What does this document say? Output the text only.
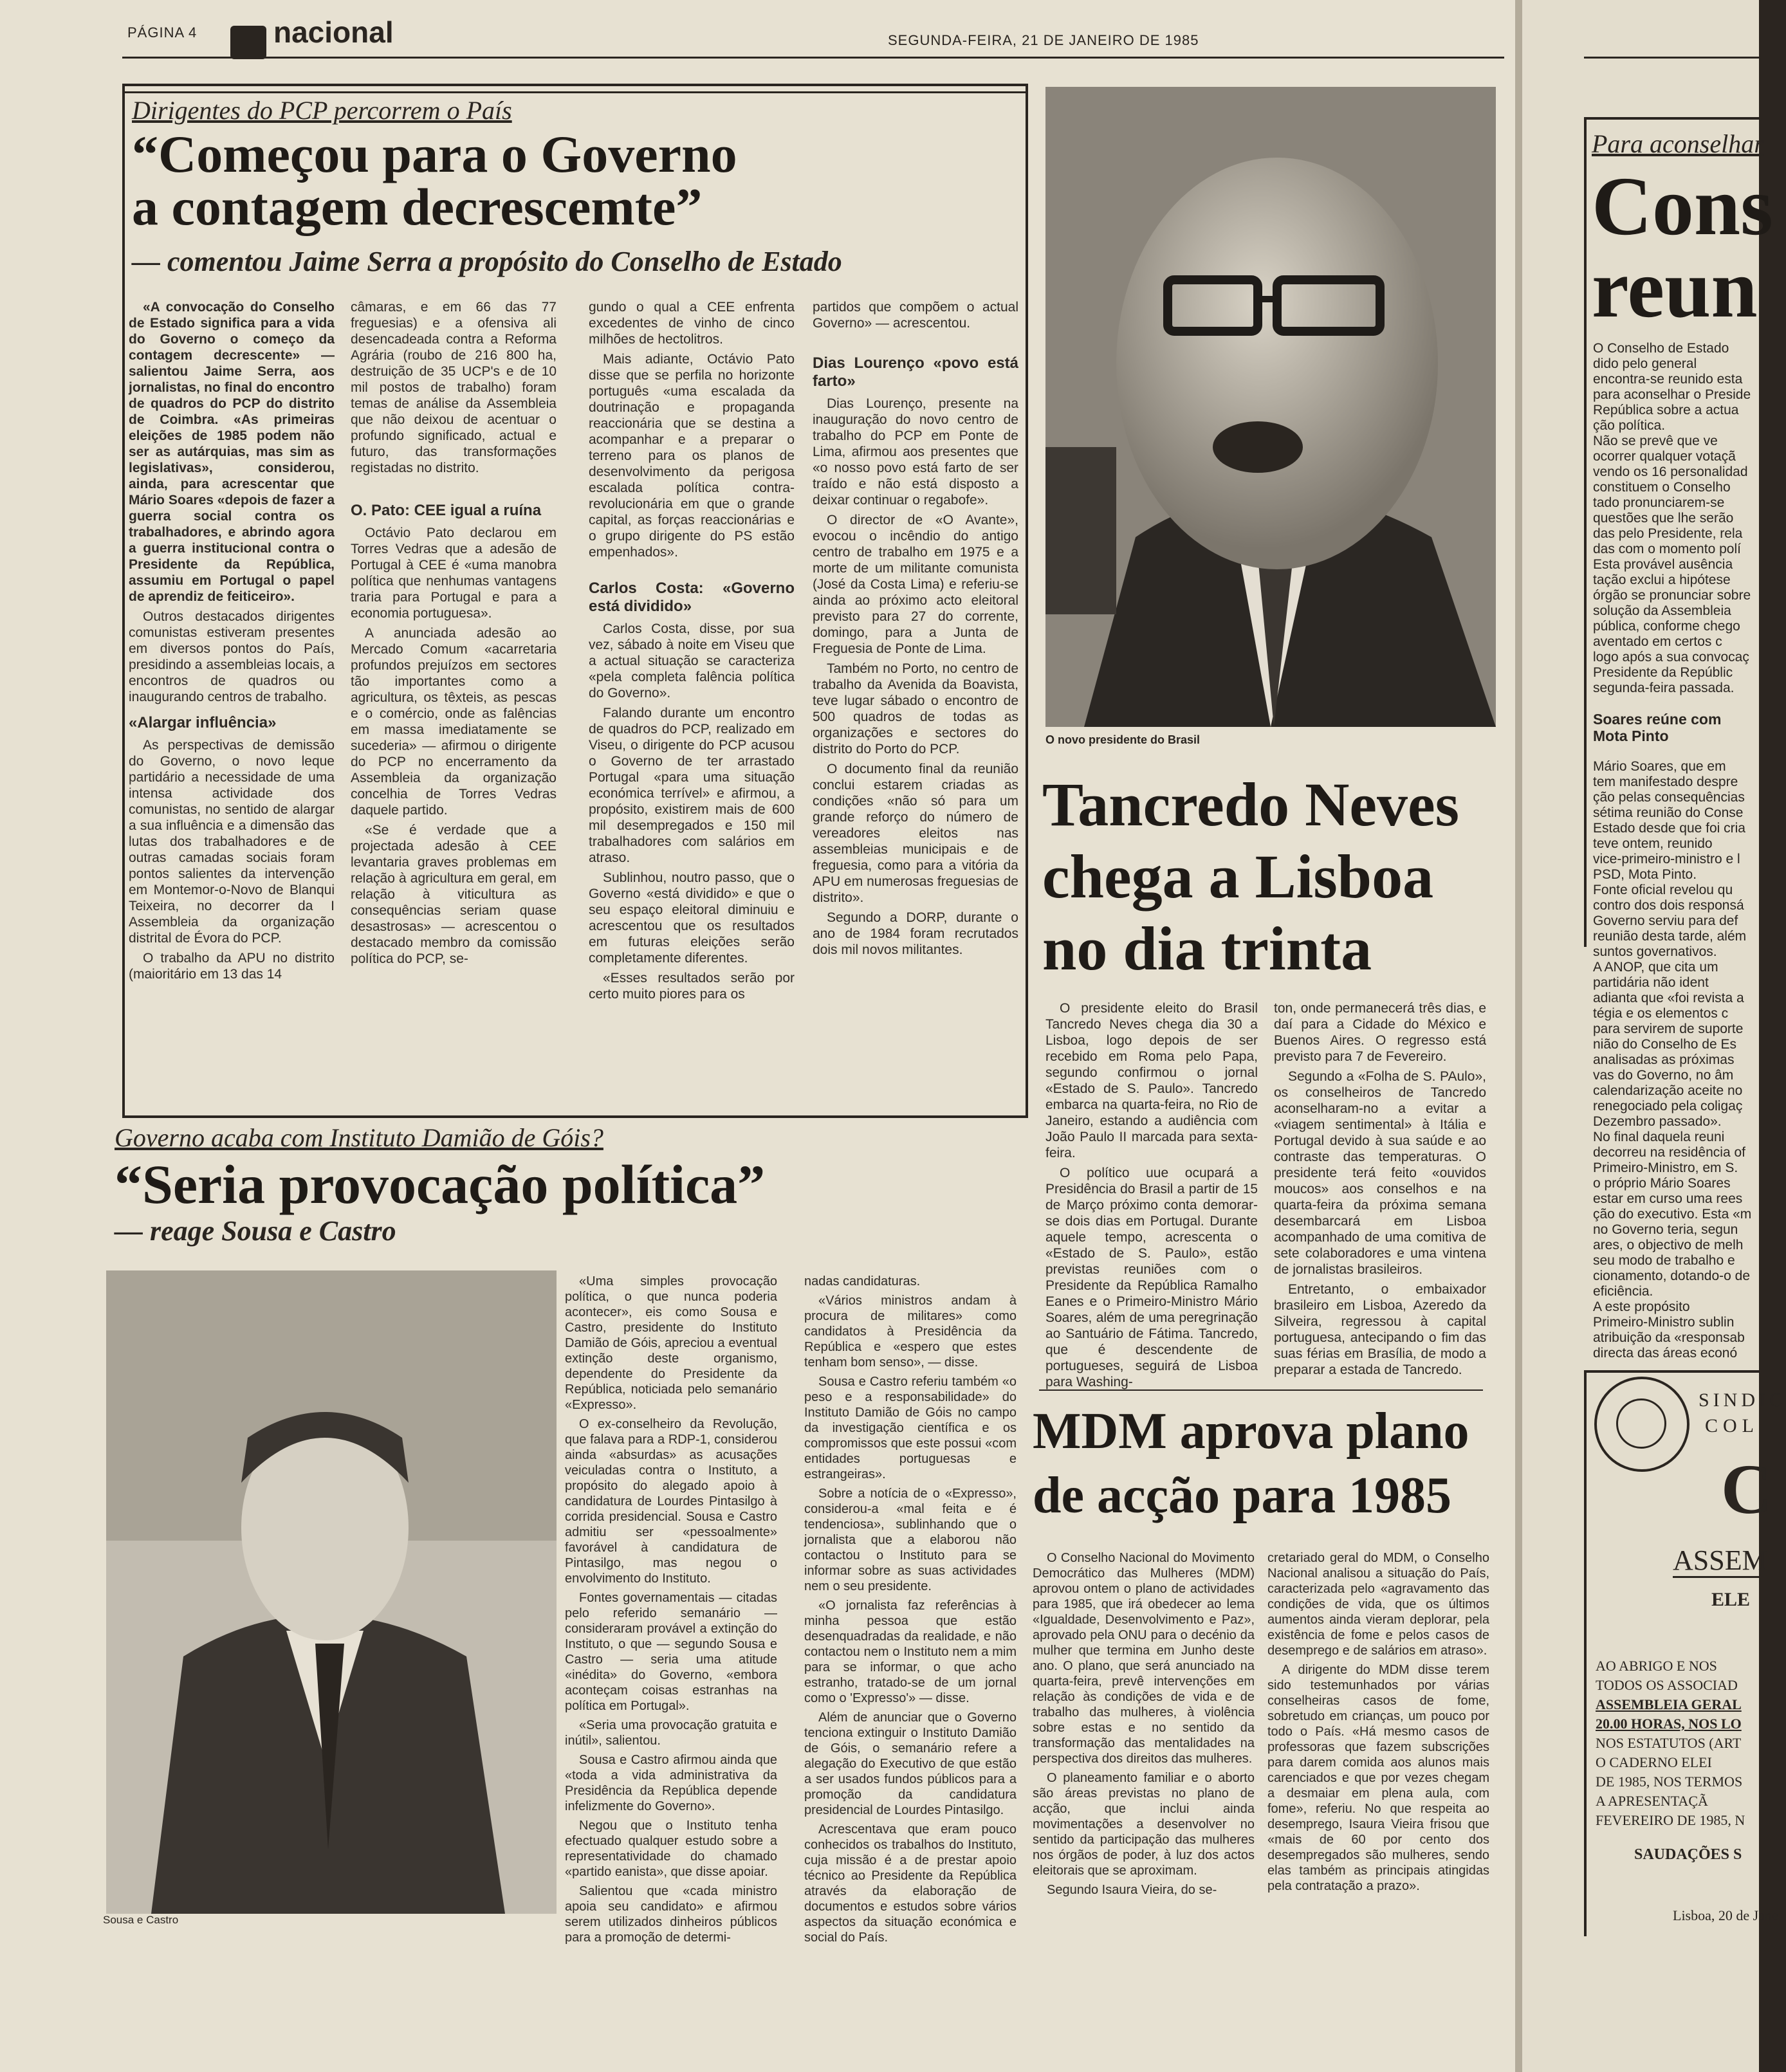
PÁGINA 4	nacional	SEGUNDA-FEIRA, 21 DE JANEIRO DE 1985

Dirigentes do PCP percorrem o País

“Começou para o Governo

a contagem decrescemte”

— comentou Jaime Serra a propósito do Conselho de Estado

«A convocação do Conselho de Estado significa para a vida do Governo o começo da contagem decrescente» — salientou Jaime Serra, aos jornalistas, no final do encontro de quadros do PCP do distrito de Coimbra. «As primeiras eleições de 1985 podem não ser as autárquias, mas sim as legislativas», considerou, ainda, para acrescentar que Mário Soares «depois de fazer a guerra social contra os trabalhadores, e abrindo agora a guerra institucional contra o Presidente da República, assumiu em Portugal o papel de aprendiz de feiticeiro».

Outros destacados dirigentes comunistas estiveram presentes em diversos pontos do País, presidindo a assembleias locais, a encontros de quadros ou inaugurando centros de trabalho.

«Alargar influência»

As perspectivas de demissão do Governo, o novo leque partidário a necessidade de uma intensa actividade dos comunistas, no sentido de alargar a sua influência e a dimensão das lutas dos trabalhadores e de outras camadas sociais foram pontos salientes da intervenção em Montemor-o-Novo de Blanqui Teixeira, no decorrer da I Assembleia da organização distrital de Évora do PCP.

O trabalho da APU no distrito (maioritário em 13 das 14

câmaras, e em 66 das 77 freguesias) e a ofensiva ali desencadeada contra a Reforma Agrária (roubo de 216 800 ha, destruição de 35 UCP's e de 10 mil postos de trabalho) foram temas de análise da Assembleia que não deixou de acentuar o profundo significado, actual e futuro, das transformações registadas no distrito.

O. Pato: CEE igual a ruína

Octávio Pato declarou em Torres Vedras que a adesão de Portugal à CEE é «uma manobra política que nenhumas vantagens traria para Portugal e para a economia portuguesa».

A anunciada adesão ao Mercado Comum «acarretaria profundos prejuízos em sectores tão importantes como a agricultura, os têxteis, as pescas e o comércio, onde as falências em massa imediatamente se sucederia» — afirmou o dirigente do PCP no encerramento da Assembleia da organização concelhia de Torres Vedras daquele partido.

«Se é verdade que a projectada adesão à CEE levantaria graves problemas em relação à agricultura em geral, em relação à viticultura as consequências seriam quase desastrosas» — acrescentou o destacado membro da comissão política do PCP, se-

gundo o qual a CEE enfrenta excedentes de vinho de cinco milhões de hectolitros.

Mais adiante, Octávio Pato disse que se perfila no horizonte português «uma escalada da doutrinação e propaganda reaccionária que se destina a acompanhar e a preparar o terreno para os planos de desenvolvimento da perigosa escalada política contra-revolucionária em que o grande capital, as forças reaccionárias e o grupo dirigente do PS estão empenhados».

Carlos Costa: «Governo está dividido»

Carlos Costa, disse, por sua vez, sábado à noite em Viseu que a actual situação se caracteriza «pela completa falência política do Governo».

Falando durante um encontro de quadros do PCP, realizado em Viseu, o dirigente do PCP acusou o Governo de ter arrastado Portugal «para uma situação económica terrível» e afirmou, a propósito, existirem mais de 600 mil desempregados e 150 mil trabalhadores com salários em atraso.

Sublinhou, noutro passo, que o Governo «está dividido» e que o seu espaço eleitoral diminuiu e acrescentou que os resultados em futuras eleições serão completamente diferentes.

«Esses resultados serão por certo muito piores para os

partidos que compõem o actual Governo» — acrescentou.

Dias Lourenço «povo está farto»

Dias Lourenço, presente na inauguração do novo centro de trabalho do PCP em Ponte de Lima, afirmou aos presentes que «o nosso povo está farto de ser traído e não está disposto a deixar continuar o regabofe».

O director de «O Avante», evocou o incêndio do antigo centro de trabalho em 1975 e a morte de um militante comunista (José da Costa Lima) e referiu-se ainda ao próximo acto eleitoral previsto para 27 do corrente, domingo, para a Junta de Freguesia de Ponte de Lima.

Também no Porto, no centro de trabalho da Avenida da Boavista, teve lugar sábado o encontro de 500 quadros de todas as organizações e sectores do distrito do Porto do PCP.

O documento final da reunião conclui estarem criadas as condições «não só para um grande reforço do número de vereadores eleitos nas assembleias municipais e de freguesia, como para a vitória da APU em numerosas freguesias de distrito».

Segundo a DORP, durante o ano de 1984 foram recrutados dois mil novos militantes.

O novo presidente do Brasil

Tancredo Neves

chega a Lisboa

no dia trinta

O presidente eleito do Brasil Tancredo Neves chega dia 30 a Lisboa, logo depois de ser recebido em Roma pelo Papa, segundo confirmou o jornal «Estado de S. Paulo». Tancredo embarca na quarta-feira, no Rio de Janeiro, estando a audiência com João Paulo II marcada para sexta-feira.

O político uue ocupará a Presidência do Brasil a partir de 15 de Março próximo conta demorar-se dois dias em Portugal. Durante aquele tempo, acrescenta o «Estado de S. Paulo», estão previstas reuniões com o Presidente da República Ramalho Eanes e o Primeiro-Ministro Mário Soares, além de uma peregrinação ao Santuário de Fátima. Tancredo, que é descendente de portugueses, seguirá de Lisboa para Washing-

ton, onde permanecerá três dias, e daí para a Cidade do México e Buenos Aires. O regresso está previsto para 7 de Fevereiro.

Segundo a «Folha de S. PAulo», os conselheiros de Tancredo aconselharam-no a evitar a «viagem sentimental» à Itália e Portugal devido à sua saúde e ao contraste das temperaturas. O presidente terá feito «ouvidos moucos» aos conselhos e na quarta-feira da próxima semana desembarcará em Lisboa acompanhado de uma comitiva de sete colaboradores e uma vintena de jornalistas brasileiros.

Entretanto, o embaixador brasileiro em Lisboa, Azeredo da Silveira, regressou à capital portuguesa, antecipando o fim das suas férias em Brasília, de modo a preparar a estada de Tancredo.

Governo acaba com Instituto Damião de Góis?

“Seria provocação política”

— reage Sousa e Castro

Sousa e Castro

«Uma simples provocação política, o que nunca poderia acontecer», eis como Sousa e Castro, presidente do Instituto Damião de Góis, apreciou a eventual extinção deste organismo, dependente do Presidente da República, noticiada pelo semanário «Expresso».

O ex-conselheiro da Revolução, que falava para a RDP-1, considerou ainda «absurdas» as acusações veiculadas contra o Instituto, a propósito do alegado apoio à candidatura de Lourdes Pintasilgo à corrida presidencial. Sousa e Castro admitiu ser «pessoalmente» favorável à candidatura de Pintasilgo, mas negou o envolvimento do Instituto.

Fontes governamentais — citadas pelo referido semanário — consideraram provável a extinção do Instituto, o que — segundo Sousa e Castro — seria uma atitude «inédita» do Governo, «embora aconteçam coisas estranhas na política em Portugal».

«Seria uma provocação gratuita e inútil», salientou.

Sousa e Castro afirmou ainda que «toda a vida administrativa da Presidência da República depende infelizmente do Governo».

Negou que o Instituto tenha efectuado qualquer estudo sobre a representatividade do chamado «partido eanista», que disse apoiar.

Salientou que «cada ministro apoia seu candidato» e afirmou serem utilizados dinheiros públicos para a promoção de determi-

nadas candidaturas.

«Vários ministros andam à procura de militares» como candidatos à Presidência da República e «espero que estes tenham bom senso», — disse.

Sousa e Castro referiu também «o peso e a responsabilidade» do Instituto Damião de Góis no campo da investigação científica e os compromissos que este possui «com entidades portuguesas e estrangeiras».

Sobre a notícia de o «Expresso», considerou-a «mal feita e é tendenciosa», sublinhando que o jornalista que a elaborou não contactou o Instituto para se informar sobre as suas actividades nem o seu presidente.

«O jornalista faz referências à minha pessoa que estão desenquadradas da realidade, e não contactou nem o Instituto nem a mim para se informar, o que acho estranho, tratado-se de um jornal como o 'Expresso'» — disse.

Além de anunciar que o Governo tenciona extinguir o Instituto Damião de Góis, o semanário refere a alegação do Executivo de que estão a ser usados fundos públicos para a promoção da candidatura presidencial de Lourdes Pintasilgo.

Acrescentava que eram pouco conhecidos os trabalhos do Instituto, cuja missão é a de prestar apoio técnico ao Presidente da República através da elaboração de documentos e estudos sobre vários aspectos da situação económica e social do País.

MDM aprova plano

de acção para 1985

O Conselho Nacional do Movimento Democrático das Mulheres (MDM) aprovou ontem o plano de actividades para 1985, que irá obedecer ao lema «Igualdade, Desenvolvimento e Paz», aprovado pela ONU para o decénio da mulher que termina em Junho deste ano. O plano, que será anunciado na quarta-feira, prevê intervenções em relação às condições de vida e de trabalho das mulheres, à violência sobre estas e no sentido da transformação das mentalidades na perspectiva dos direitos das mulheres.

O planeamento familiar e o aborto são áreas previstas no plano de acção, que inclui ainda movimentações a desenvolver no sentido da participação das mulheres nos órgãos de poder, à luz dos actos eleitorais que se aproximam.

Segundo Isaura Vieira, do se-

cretariado geral do MDM, o Conselho Nacional analisou a situação do País, caracterizada pelo «agravamento das condições de vida, que os últimos aumentos ainda vieram deplorar, pela existência de fome e pelos casos de desemprego e de salários em atraso».

A dirigente do MDM disse terem sido testemunhados por várias conselheiras casos de fome, sobretudo em crianças, um pouco por todo o País. «Há mesmo casos de professoras que fazem subscrições para darem comida aos alunos mais carenciados e que por vezes chegam a desmaiar em plena aula, com fome», referiu. No que respeita ao desemprego, Isaura Vieira frisou que «mais de 60 por cento dos desempregados são mulheres, sendo elas também as principais atingidas pela contratação a prazo».

Para aconselhar

Cons

reun

O Conselho de Estado
dido pelo general
encontra-se reunido esta
para aconselhar o Preside
República sobre a actua
ção política.
Não se prevê que ve
ocorrer qualquer votaçã
vendo os 16 personalidad
constituem o Conselho
tado pronunciarem-se
questões que lhe serão
das pelo Presidente, rela
das com o momento polí
Esta provável ausência
tação exclui a hipótese
órgão se pronunciar sobre
solução da Assembleia
pública, conforme chego
aventado em certos c
logo após a sua convocaç
Presidente da Repúblic
segunda-feira passada.
Soares reúne com Mota Pinto
Mário Soares, que em
tem manifestado despre
ção pelas consequências
sétima reunião do Conse
Estado desde que foi cria
teve ontem, reunido
vice-primeiro-ministro e l
PSD, Mota Pinto.
Fonte oficial revelou qu
contro dos dois responsá
Governo serviu para def
reunião desta tarde, além
suntos governativos.
A ANOP, que cita um
partidária não ident
adianta que «foi revista a
tégia e os elementos c
para servirem de suporte
nião do Conselho de Es
analisadas as próximas
vas do Governo, no âm
calendarização aceite no
renegociado pela coligaç
Dezembro passado».
No final daquela reuni
decorreu na residência of
Primeiro-Ministro, em S.
o próprio Mário Soares
estar em curso uma rees
ção do executivo. Esta «m
no Governo teria, segun
ares, o objectivo de melh
seu modo de trabalho e
cionamento, dotando-o de
eficiência.
A este propósito
Primeiro-Ministro sublin
atribuição da «responsab
directa das áreas econó
SINDIC
COL
C
ASSEM
ELE
AO ABRIGO E NOS
TODOS OS ASSOCIAD
ASSEMBLEIA GERAL
20.00 HORAS, NOS LO
NOS ESTATUTOS (ART
O CADERNO ELEI
DE 1985, NOS TERMOS
A APRESENTAÇÃ
FEVEREIRO DE 1985, N
SAUDAÇÕES S
Lisboa, 20 de Jane
